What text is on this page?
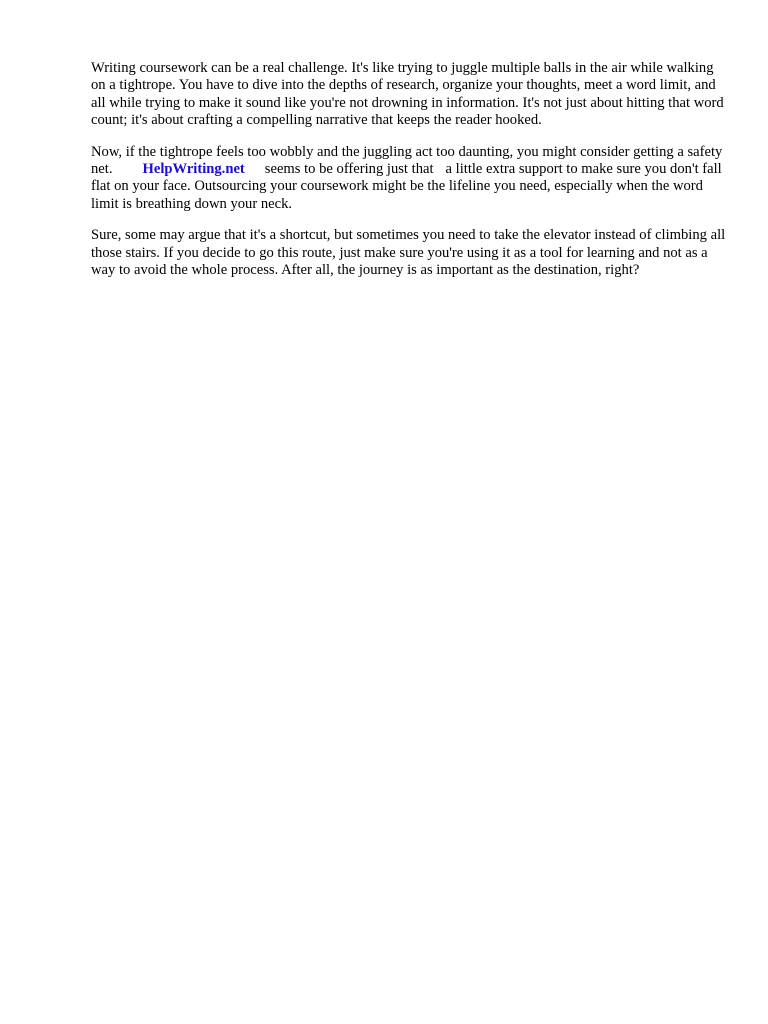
Writing coursework can be a real challenge. It's like trying to juggle multiple balls in the air while walking on a tightrope. You have to dive into the depths of research, organize your thoughts, meet a word limit, and all while trying to make it sound like you're not drowning in information. It's not just about hitting that word count; it's about crafting a compelling narrative that keeps the reader hooked.

Now, if the tightrope feels too wobbly and the juggling act too daunting, you might consider getting a safety net. HelpWriting.net seems to be offering just that a little extra support to make sure you don't fall flat on your face. Outsourcing your coursework might be the lifeline you need, especially when the word limit is breathing down your neck.

Sure, some may argue that it's a shortcut, but sometimes you need to take the elevator instead of climbing all those stairs. If you decide to go this route, just make sure you're using it as a tool for learning and not as a way to avoid the whole process. After all, the journey is as important as the destination, right?
